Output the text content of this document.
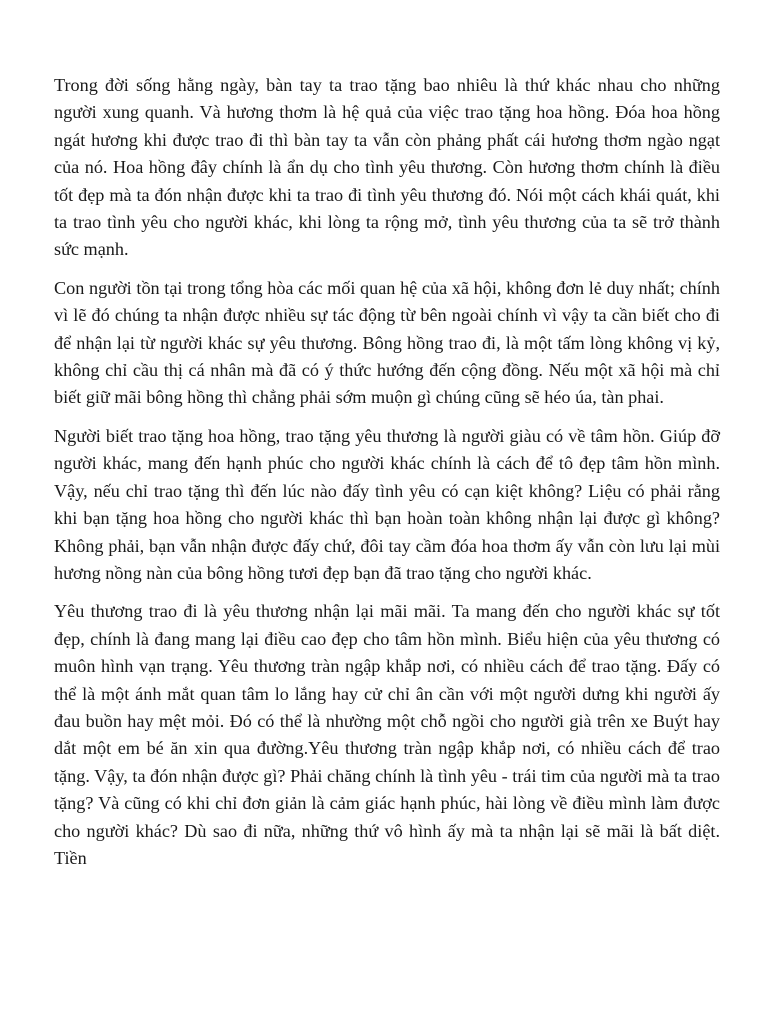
Trong đời sống hằng ngày, bàn tay ta trao tặng bao nhiêu là thứ khác nhau cho những người xung quanh. Và hương thơm là hệ quả của việc trao tặng hoa hồng. Đóa hoa hồng ngát hương khi được trao đi thì bàn tay ta vẫn còn phảng phất cái hương thơm ngào ngạt của nó. Hoa hồng đây chính là ẩn dụ cho tình yêu thương. Còn hương thơm chính là điều tốt đẹp mà ta đón nhận được khi ta trao đi tình yêu thương đó. Nói một cách khái quát, khi ta trao tình yêu cho người khác, khi lòng ta rộng mở, tình yêu thương của ta sẽ trở thành sức mạnh.

Con người tồn tại trong tổng hòa các mối quan hệ của xã hội, không đơn lẻ duy nhất; chính vì lẽ đó chúng ta nhận được nhiều sự tác động từ bên ngoài chính vì vậy ta cần biết cho đi để nhận lại từ người khác sự yêu thương. Bông hồng trao đi, là một tấm lòng không vị kỷ, không chỉ cầu thị cá nhân mà đã có ý thức hướng đến cộng đồng. Nếu một xã hội mà chỉ biết giữ mãi bông hồng thì chẳng phải sớm muộn gì chúng cũng sẽ héo úa, tàn phai.

Người biết trao tặng hoa hồng, trao tặng yêu thương là người giàu có về tâm hồn. Giúp đỡ người khác, mang đến hạnh phúc cho người khác chính là cách để tô đẹp tâm hồn mình. Vậy, nếu chỉ trao tặng thì đến lúc nào đấy tình yêu có cạn kiệt không? Liệu có phải rằng khi bạn tặng hoa hồng cho người khác thì bạn hoàn toàn không nhận lại được gì không? Không phải, bạn vẫn nhận được đấy chứ, đôi tay cầm đóa hoa thơm ấy vẫn còn lưu lại mùi hương nồng nàn của bông hồng tươi đẹp bạn đã trao tặng cho người khác.

Yêu thương trao đi là yêu thương nhận lại mãi mãi. Ta mang đến cho người khác sự tốt đẹp, chính là đang mang lại điều cao đẹp cho tâm hồn mình. Biểu hiện của yêu thương có muôn hình vạn trạng. Yêu thương tràn ngập khắp nơi, có nhiều cách để trao tặng. Đấy có thể là một ánh mắt quan tâm lo lắng hay cử chỉ ân cần với một người dưng khi người ấy đau buồn hay mệt mỏi. Đó có thể là nhường một chỗ ngồi cho người già trên xe Buýt hay dắt một em bé ăn xin qua đường.Yêu thương tràn ngập khắp nơi, có nhiều cách để trao tặng. Vậy, ta đón nhận được gì? Phải chăng chính là tình yêu - trái tim của người mà ta trao tặng? Và cũng có khi chỉ đơn giản là cảm giác hạnh phúc, hài lòng về điều mình làm được cho người khác? Dù sao đi nữa, những thứ vô hình ấy mà ta nhận lại sẽ mãi là bất diệt. Tiền
